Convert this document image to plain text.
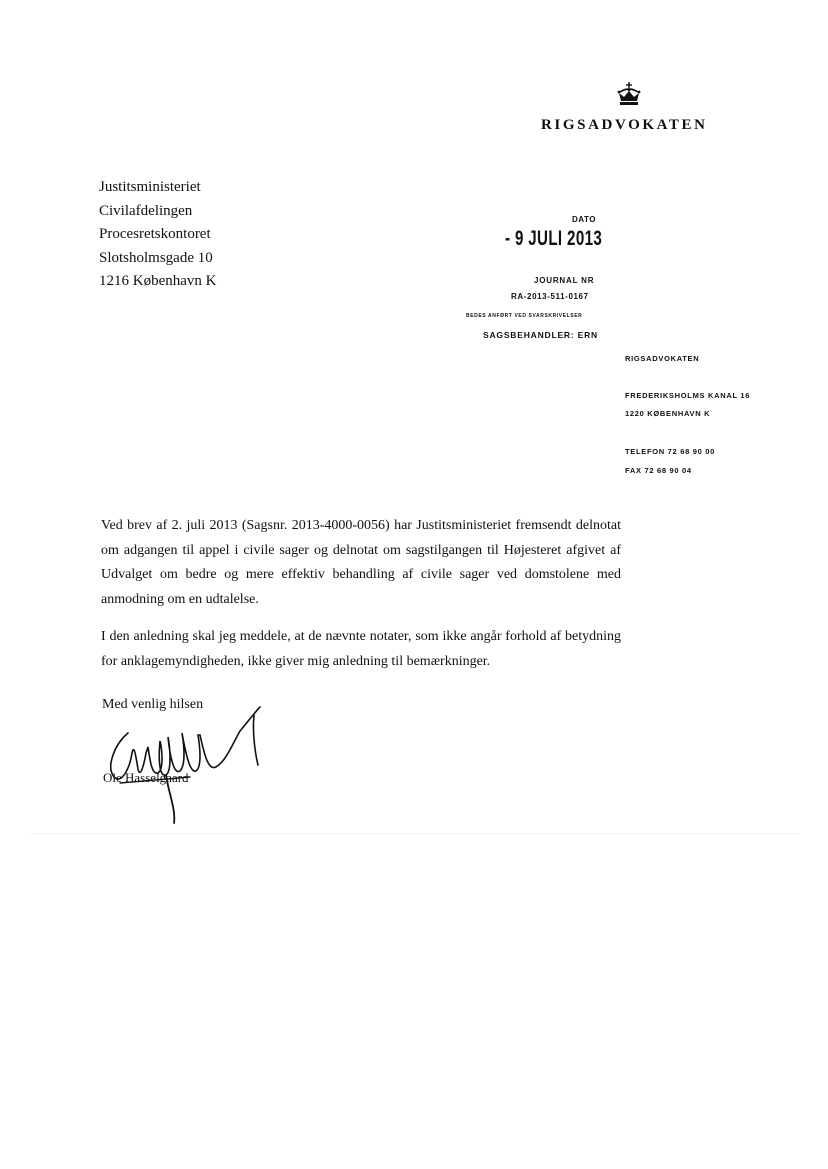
RIGSADVOKATEN
Justitsministeriet
Civilafdelingen
Procesretskontoret
Slotsholmsgade 10
1216 København K
DATO
- 9 JULI 2013
JOURNAL NR
RA-2013-511-0167
BEDES ANFØRT VED SVARSKRIVELSER
SAGSBEHANDLER: ERN
RIGSADVOKATEN
FREDERIKSHOLMS KANAL 16
1220 KØBENHAVN K
TELEFON 72 68 90 00
FAX 72 68 90 04
Ved brev af 2. juli 2013 (Sagsnr. 2013-4000-0056) har Justitsministeriet fremsendt delnotat om adgangen til appel i civile sager og delnotat om sagstilgangen til Højesteret afgivet af Udvalget om bedre og mere effektiv behandling af civile sager ved domstolene med anmodning om en udtalelse.
I den anledning skal jeg meddele, at de nævnte notater, som ikke angår forhold af betydning for anklagemyndigheden, ikke giver mig anledning til bemærkninger.
Med venlig hilsen
Ole Hasselgaard
